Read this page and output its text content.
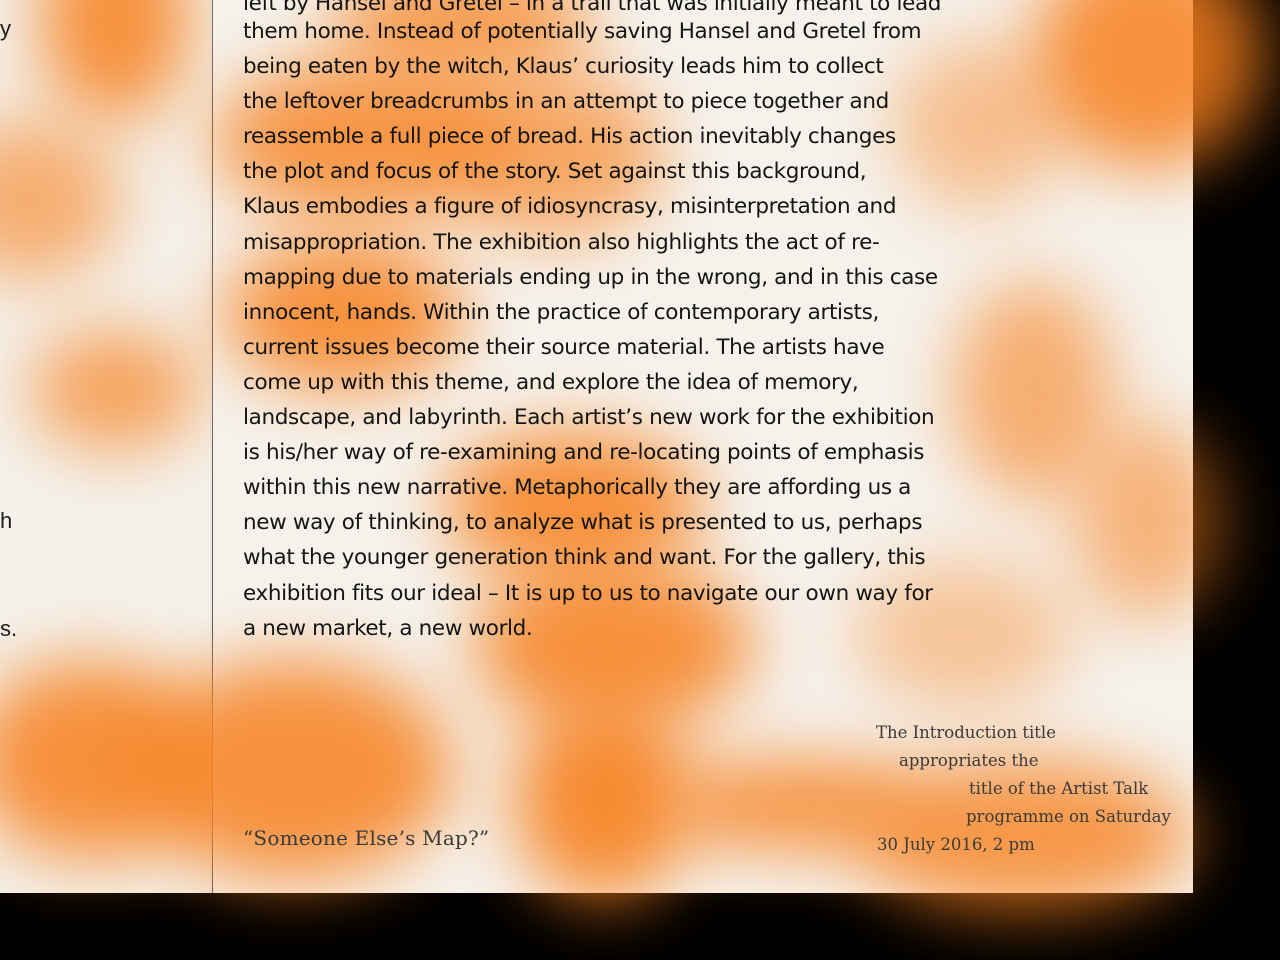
y
h
s.
them home. Instead of potentially saving Hansel and Gretel from
being eaten by the witch, Klaus’ curiosity leads him to collect
the leftover breadcrumbs in an attempt to piece together and
reassemble a full piece of bread. His action inevitably changes
the plot and focus of the story. Set against this background,
Klaus embodies a figure of idiosyncrasy, misinterpretation and
misappropriation. The exhibition also highlights the act of re-
mapping due to materials ending up in the wrong, and in this case
innocent, hands. Within the practice of contemporary artists,
current issues become their source material. The artists have
come up with this theme, and explore the idea of memory,
landscape, and labyrinth. Each artist’s new work for the exhibition
is his/her way of re-examining and re-locating points of emphasis
within this new narrative. Metaphorically they are affording us a
new way of thinking, to analyze what is presented to us, perhaps
what the younger generation think and want. For the gallery, this
exhibition fits our ideal – It is up to us to navigate our own way for
a new market, a new world.
“Someone Else’s Map?”
The Introduction title
appropriates the
title of the Artist Talk
programme on Saturday
30 July 2016, 2 pm
